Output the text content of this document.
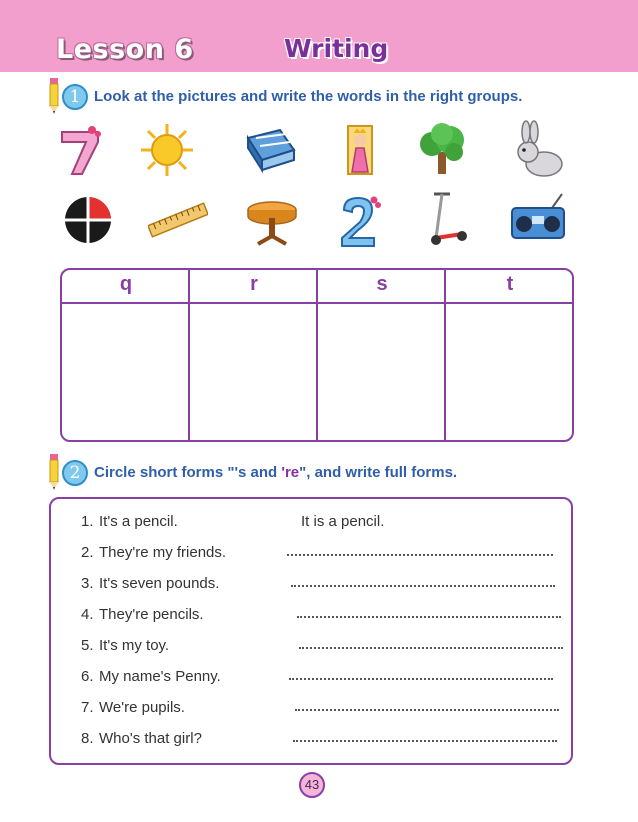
Lesson 6	Writing
1 Look at the pictures and write the words in the right groups.
q	r	s	t
2 Circle short forms "'s and 're", and write full forms.
1. It's a pencil.	It is a pencil.
2. They're my friends.
3. It's seven pounds.
4. They're pencils.
5. It's my toy.
6. My name's Penny.
7. We're pupils.
8. Who's that girl?
43
